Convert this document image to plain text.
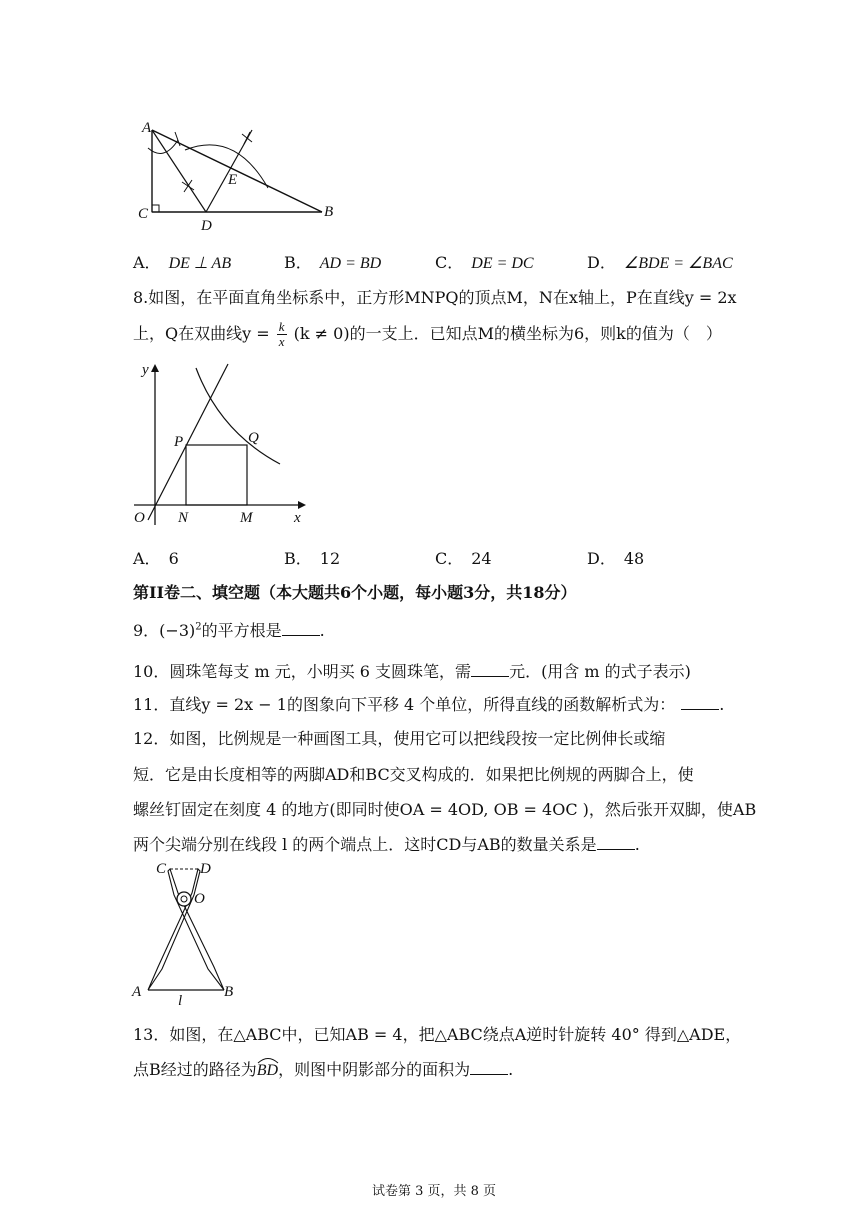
A
C
D
E
B
A． DE ⊥ AB	B． AD = BD	C． DE = DC	D． ∠BDE = ∠BAC
8.如图，在平面直角坐标系中，正方形MNPQ的顶点M，N在x轴上，P在直线y = 2x
上，Q在双曲线$y = \frac{k}{x} (k \ne 0)$的一支上．已知点M的横坐标为6，则k的值为（　）
y
P	Q
O N	M	x
A． 6	B． 12	C． 24	D． 48
第II卷二、填空题（本大题共6个小题，每小题3分，共18分）
9．$(-3)^2$的平方根是 .
10．圆珠笔每支 m 元，小明买 6 支圆珠笔，需 元．(用含 m 的式子表示)
11．直线y = 2x − 1的图象向下平移 4 个单位，所得直线的函数解析式为：	.
12．如图，比例规是一种画图工具，使用它可以把线段按一定比例伸长或缩
短．它是由长度相等的两脚AD和BC交叉构成的．如果把比例规的两脚合上，使
螺丝钉固定在刻度 4 的地方(即同时使OA = 4OD, OB = 4OC )，然后张开双脚，使AB
两个尖端分别在线段 l 的两个端点上．这时CD与AB的数量关系是 .
C D
O
A	B
l
13．如图，在△ABC中，已知AB = 4，把△ABC绕点A逆时针旋转 40° 得到△ADE，
点B经过的路径为
BD，则图中阴影部分的面积为 .
试卷第 3 页，共 8 页
